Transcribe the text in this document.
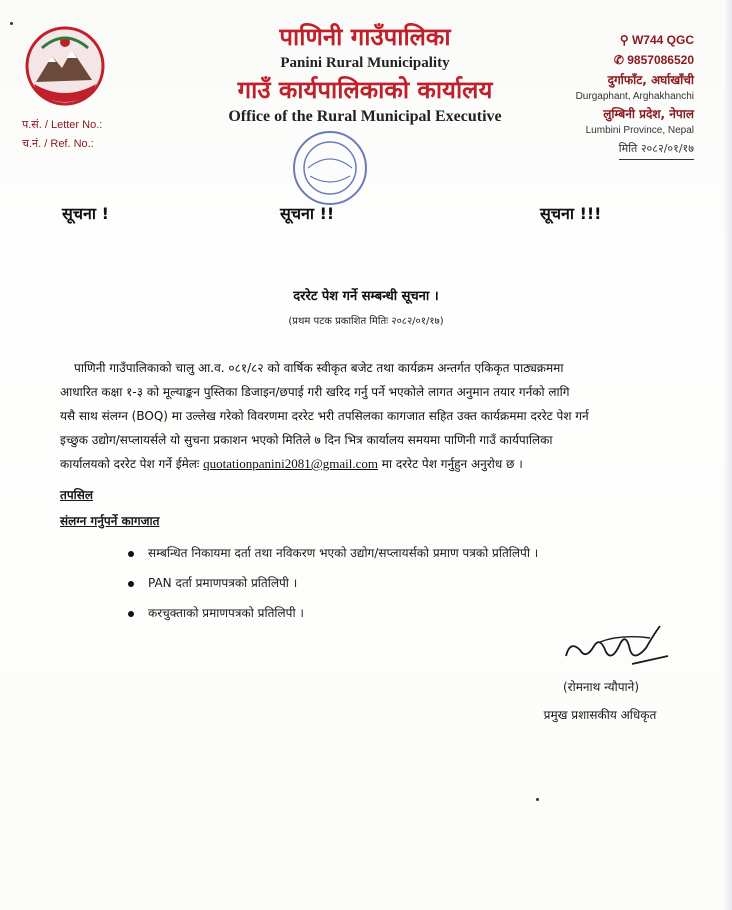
पाणिनी गाउँपालिका
Panini Rural Municipality
गाउँ कार्यपालिकाको कार्यालय
Office of the Rural Municipal Executive
प.सं. / Letter No.:
च.नं. / Ref. No.:
⚲ W744 QGC
✆ 9857086520
दुर्गाफाँट, अर्घाखाँची
Durgaphant, Arghakhanchi
लुम्बिनी प्रदेश, नेपाल
Lumbini Province, Nepal
मिति २०८२/०१/१७
सूचना !	सूचना !!	सूचना !!!
दररेट पेश गर्ने सम्बन्धी सूचना ।
(प्रथम पटक प्रकाशित मितिः २०८२/०१/१७)
पाणिनी गाउँपालिकाको चालु आ.व. ०८१/८२ को वार्षिक स्वीकृत बजेट तथा कार्यक्रम अन्तर्गत एकिकृत पाठ्यक्रममा
आधारित कक्षा १-३ को मूल्याङ्कन पुस्तिका डिजाइन/छपाई गरी खरिद गर्नु पर्ने भएकोले लागत अनुमान तयार गर्नको लागि
यसै साथ संलग्न (BOQ) मा उल्लेख गरेको विवरणमा दररेट भरी तपसिलका कागजात सहित उक्त कार्यक्रममा दररेट पेश गर्न
इच्छुक उद्योग/सप्लायर्सले यो सुचना प्रकाशन भएको मितिले ७ दिन भित्र कार्यालय समयमा पाणिनी गाउँ कार्यपालिका
कार्यालयको दररेट पेश गर्ने ईमेलः quotationpanini2081@gmail.com मा दररेट पेश गर्नुहुन अनुरोध छ ।
तपसिल
संलग्न गर्नुपर्ने कागजात
सम्बन्धित निकायमा दर्ता तथा नविकरण भएको उद्योग/सप्लायर्सको प्रमाण पत्रको प्रतिलिपी ।
PAN दर्ता प्रमाणपत्रको प्रतिलिपी ।
करचुक्ताको प्रमाणपत्रको प्रतिलिपी ।
(रोमनाथ न्यौपाने)
प्रमुख प्रशासकीय अधिकृत
